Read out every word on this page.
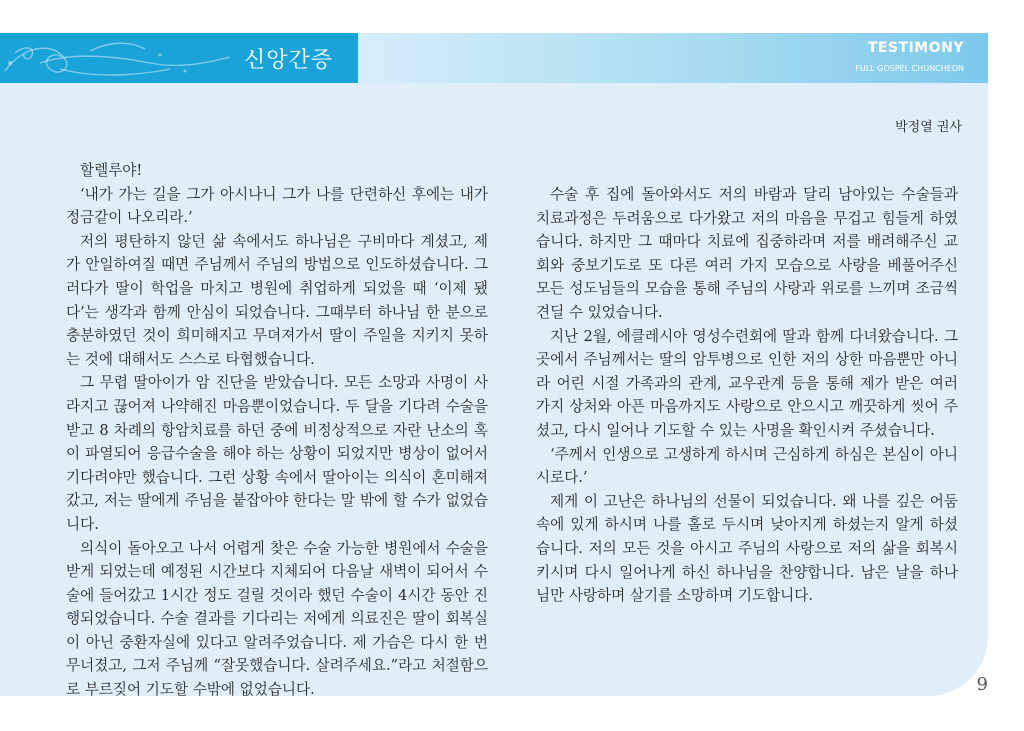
신앙간증	TESTIMONY
FULL GOSPEL CHUNCHEON
박정열 권사

할렐루야!

‘내가 가는 길을 그가 아시나니 그가 나를 단련하신 후에는 내가 정금같이 나오리라.’

저의 평탄하지 않던 삶 속에서도 하나님은 구비마다 계셨고, 제가 안일하여질 때면 주님께서 주님의 방법으로 인도하셨습니다. 그러다가 딸이 학업을 마치고 병원에 취업하게 되었을 때 ‘이제 됐다’는 생각과 함께 안심이 되었습니다. 그때부터 하나님 한 분으로 충분하였던 것이 희미해지고 무뎌져가서 딸이 주일을 지키지 못하는 것에 대해서도 스스로 타협했습니다.

그 무렵 딸아이가 암 진단을 받았습니다. 모든 소망과 사명이 사라지고 끊어져 나약해진 마음뿐이었습니다. 두 달을 기다려 수술을 받고 8 차례의 항암치료를 하던 중에 비정상적으로 자란 난소의 혹이 파열되어 응급수술을 해야 하는 상황이 되었지만 병상이 없어서 기다려야만 했습니다. 그런 상황 속에서 딸아이는 의식이 혼미해져갔고, 저는 딸에게 주님을 붙잡아야 한다는 말 밖에 할 수가 없었습니다.

의식이 돌아오고 나서 어렵게 찾은 수술 가능한 병원에서 수술을 받게 되었는데 예정된 시간보다 지체되어 다음날 새벽이 되어서 수술에 들어갔고 1시간 정도 걸릴 것이라 했던 수술이 4시간 동안 진행되었습니다. 수술 결과를 기다리는 저에게 의료진은 딸이 회복실이 아닌 중환자실에 있다고 알려주었습니다. 제 가슴은 다시 한 번 무너졌고, 그저 주님께 “잘못했습니다. 살려주세요.”라고 처절함으로 부르짖어 기도할 수밖에 없었습니다.

수술 후 집에 돌아와서도 저의 바람과 달리 남아있는 수술들과 치료과정은 두려움으로 다가왔고 저의 마음을 무겁고 힘들게 하였습니다. 하지만 그 때마다 치료에 집중하라며 저를 배려해주신 교회와 중보기도로 또 다른 여러 가지 모습으로 사랑을 베풀어주신 모든 성도님들의 모습을 통해 주님의 사랑과 위로를 느끼며 조금씩 견딜 수 있었습니다.

지난 2월, 에클레시아 영성수련회에 딸과 함께 다녀왔습니다. 그곳에서 주님께서는 딸의 암투병으로 인한 저의 상한 마음뿐만 아니라 어린 시절 가족과의 관계, 교우관계 등을 통해 제가 받은 여러 가지 상처와 아픈 마음까지도 사랑으로 안으시고 깨끗하게 씻어 주셨고, 다시 일어나 기도할 수 있는 사명을 확인시켜 주셨습니다.

‘주께서 인생으로 고생하게 하시며 근심하게 하심은 본심이 아니시로다.’

제게 이 고난은 하나님의 선물이 되었습니다. 왜 나를 깊은 어둠 속에 있게 하시며 나를 홀로 두시며 낮아지게 하셨는지 알게 하셨습니다. 저의 모든 것을 아시고 주님의 사랑으로 저의 삶을 회복시키시며 다시 일어나게 하신 하나님을 찬양합니다. 남은 날을 하나님만 사랑하며 살기를 소망하며 기도합니다.

9
